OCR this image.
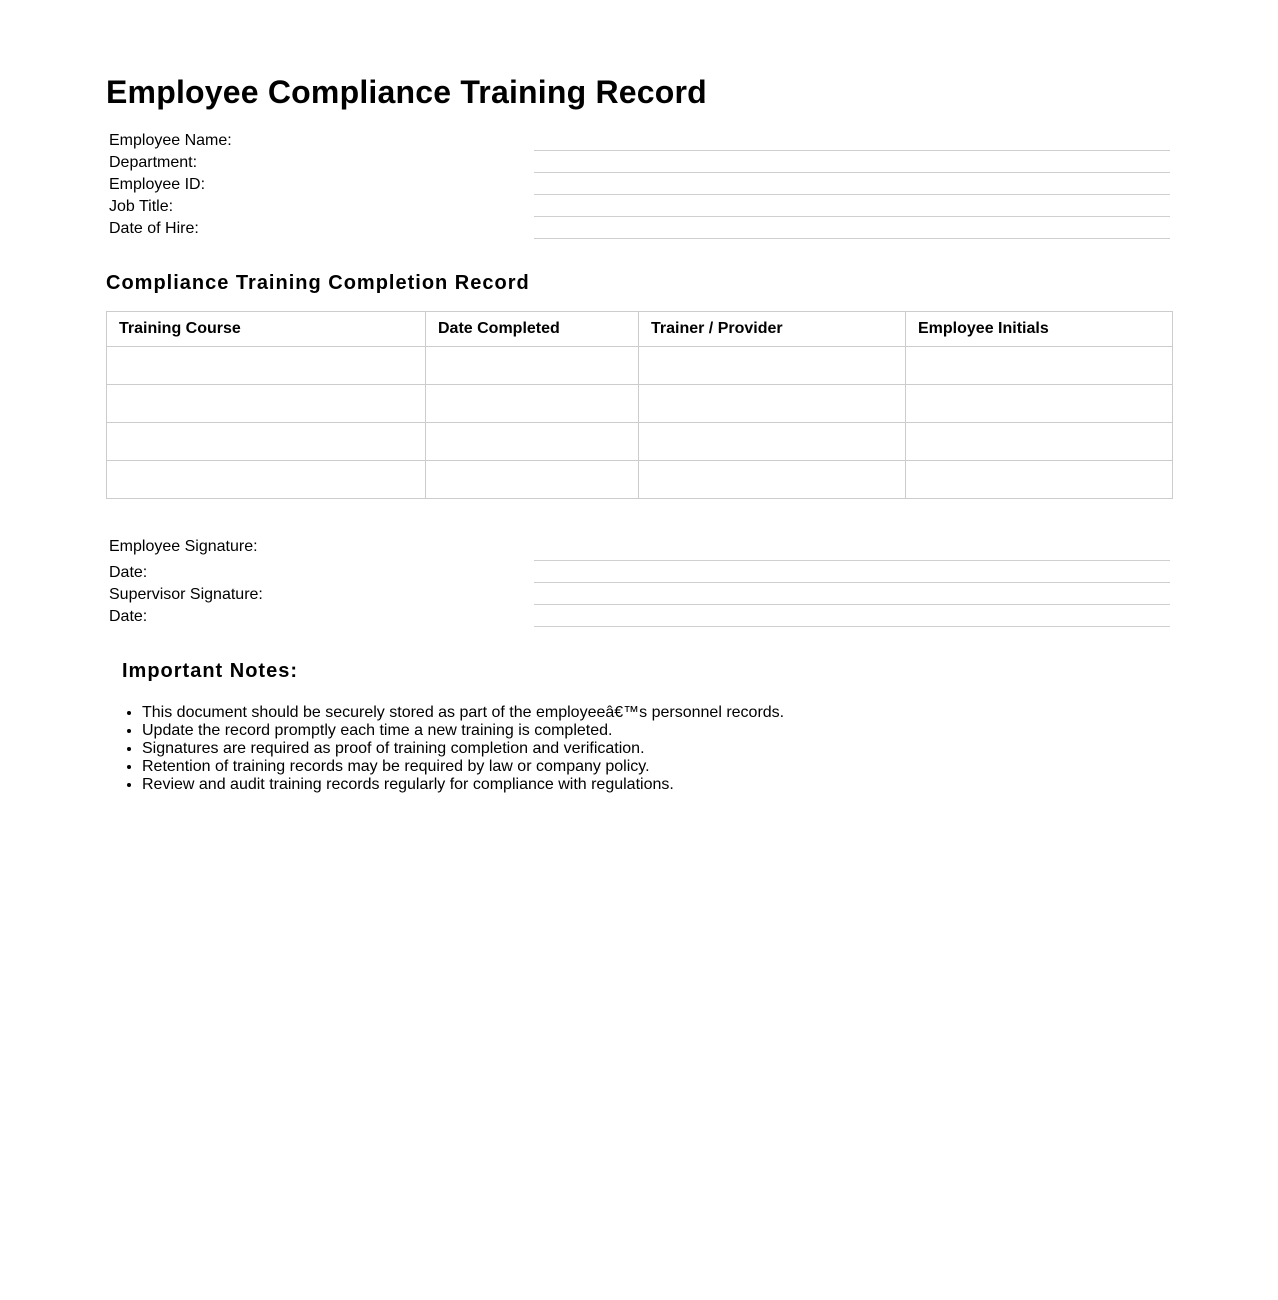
Employee Compliance Training Record
Employee Name:
Department:
Employee ID:
Job Title:
Date of Hire:
Compliance Training Completion Record
Training Course	Date Completed	Trainer / Provider	Employee Initials

Employee Signature:
Date:
Supervisor Signature:
Date:
Important Notes:
• This document should be securely stored as part of the employeeâ€™s personnel records.
• Update the record promptly each time a new training is completed.
• Signatures are required as proof of training completion and verification.
• Retention of training records may be required by law or company policy.
• Review and audit training records regularly for compliance with regulations.
